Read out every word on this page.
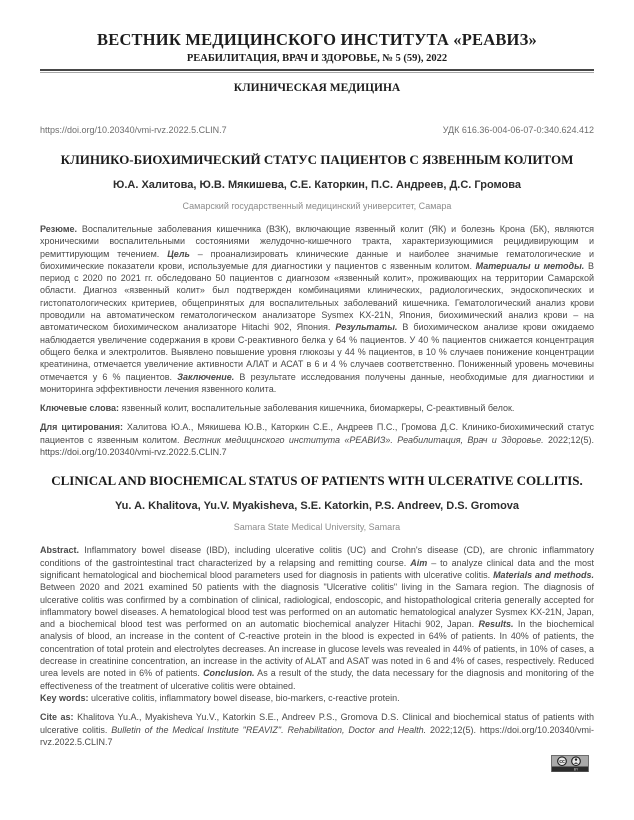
ВЕСТНИК МЕДИЦИНСКОГО ИНСТИТУТА «РЕАВИЗ»
РЕАБИЛИТАЦИЯ, ВРАЧ И ЗДОРОВЬЕ, № 5 (59), 2022
КЛИНИЧЕСКАЯ МЕДИЦИНА
https://doi.org/10.20340/vmi-rvz.2022.5.CLIN.7	УДК 616.36-004-06-07-0:340.624.412
КЛИНИКО-БИОХИМИЧЕСКИЙ СТАТУС ПАЦИЕНТОВ С ЯЗВЕННЫМ КОЛИТОМ
Ю.А. Халитова, Ю.В. Мякишева, С.Е. Каторкин, П.С. Андреев, Д.С. Громова
Самарский государственный медицинский университет, Самара

Резюме. Воспалительные заболевания кишечника (ВЗК), включающие язвенный колит (ЯК) и болезнь Крона (БК), являются хроническими воспалительными состояниями желудочно-кишечного тракта, характеризующимися рецидивирующим и ремиттирующим течением. Цель – проанализировать клинические данные и наиболее значимые гематологические и биохимические показатели крови, используемые для диагностики у пациентов с язвенным колитом. Материалы и методы. В период с 2020 по 2021 гг. обследовано 50 пациентов с диагнозом «язвенный колит», проживающих на территории Самарской области. Диагноз «язвенный колит» был подтвержден комбинациями клинических, радиологических, эндоскопических и гистопатологических критериев, общепринятых для воспалительных заболеваний кишечника. Гематологический анализ крови проводили на автоматическом гематологическом анализаторе Sysmex KX-21N, Япония, биохимический анализ крови – на автоматическом биохимическом анализаторе Hitachi 902, Япония. Результаты. В биохимическом анализе крови ожидаемо наблюдается увеличение содержания в крови С-реактивного белка у 64 % пациентов. У 40 % пациентов снижается концентрация общего белка и электролитов. Выявлено повышение уровня глюкозы у 44 % пациентов, в 10 % случаев понижение концентрации креатинина, отмечается увеличение активности АЛАТ и АСАТ в 6 и 4 % случаев соответственно. Пониженный уровень мочевины отмечается у 6 % пациентов. Заключение. В результате исследования получены данные, необходимые для диагностики и мониторинга эффективности лечения язвенного колита.

Ключевые слова: язвенный колит, воспалительные заболевания кишечника, биомаркеры, С-реактивный белок.

Для цитирования: Халитова Ю.А., Мякишева Ю.В., Каторкин С.Е., Андреев П.С., Громова Д.С. Клинико-биохимический статус пациентов с язвенным колитом. Вестник медицинского института «РЕАВИЗ». Реабилитация, Врач и Здоровье. 2022;12(5). https://doi.org/10.20340/vmi-rvz.2022.5.CLIN.7

CLINICAL AND BIOCHEMICAL STATUS OF PATIENTS WITH ULCERATIVE COLLITIS.
Yu. A. Khalitova, Yu.V. Myakisheva, S.E. Katorkin, P.S. Andreev, D.S. Gromova
Samara State Medical University, Samara

Abstract. Inflammatory bowel disease (IBD), including ulcerative colitis (UC) and Crohn's disease (CD), are chronic inflammatory conditions of the gastrointestinal tract characterized by a relapsing and remitting course. Aim – to analyze clinical data and the most significant hematological and biochemical blood parameters used for diagnosis in patients with ulcerative colitis. Materials and methods. Between 2020 and 2021 examined 50 patients with the diagnosis "Ulcerative colitis" living in the Samara region. The diagnosis of ulcerative colitis was confirmed by a combination of clinical, radiological, endoscopic, and histopathological criteria generally accepted for inflammatory bowel diseases. A hematological blood test was performed on an automatic hematological analyzer Sysmex KX-21N, Japan, and a biochemical blood test was performed on an automatic biochemical analyzer Hitachi 902, Japan. Results. In the biochemical analysis of blood, an increase in the content of C-reactive protein in the blood is expected in 64% of patients. In 40% of patients, the concentration of total protein and electrolytes decreases. An increase in glucose levels was revealed in 44% of patients, in 10% of cases, a decrease in creatinine concentration, an increase in the activity of ALAT and ASAT was noted in 6 and 4% of cases, respectively. Reduced urea levels are noted in 6% of patients. Conclusion. As a result of the study, the data necessary for the diagnosis and monitoring of the effectiveness of the treatment of ulcerative colitis were obtained.

Key words: ulcerative colitis, inflammatory bowel disease, bio-markers, c-reactive protein.

Cite as: Khalitova Yu.A., Myakisheva Yu.V., Katorkin S.E., Andreev P.S., Gromova D.S. Clinical and biochemical status of patients with ulcerative colitis. Bulletin of the Medical Institute "REAVIZ". Rehabilitation, Doctor and Health. 2022;12(5). https://doi.org/10.20340/vmi-rvz.2022.5.CLIN.7

cc
BY
